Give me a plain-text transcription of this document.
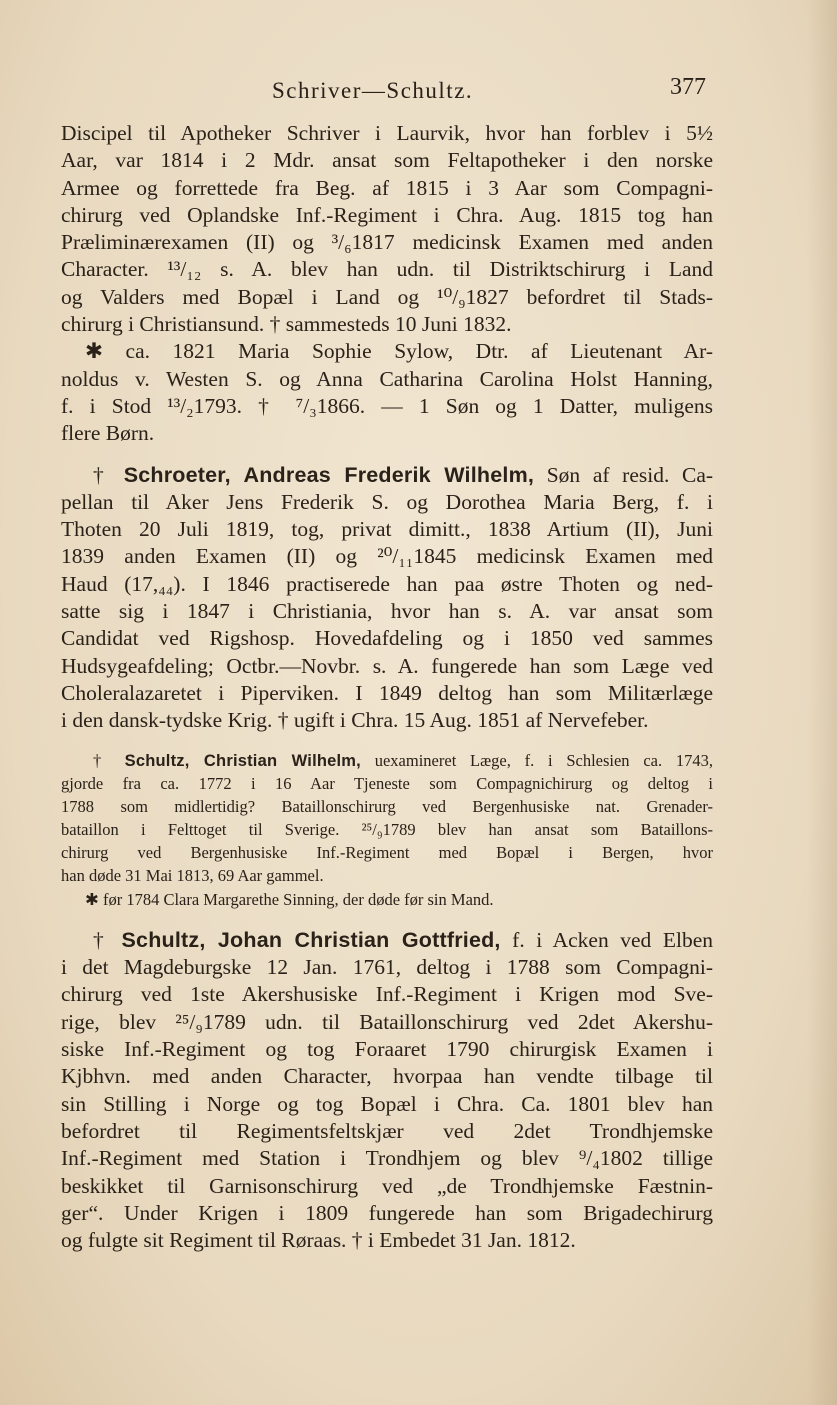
Schriver—Schultz.	377
Discipel til Apotheker Schriver i Laurvik, hvor han forblev i 5½
Aar, var 1814 i 2 Mdr. ansat som Feltapotheker i den norske
Armee og forrettede fra Beg. af 1815 i 3 Aar som Compagni-
chirurg ved Oplandske Inf.-Regiment i Chra. Aug. 1815 tog han
Præliminærexamen (II) og ³/₆1817 medicinsk Examen med anden
Character. ¹³/₁₂ s. A. blev han udn. til Distriktschirurg i Land
og Valders med Bopæl i Land og ¹⁰/₉1827 befordret til Stads-
chirurg i Christiansund. † sammesteds 10 Juni 1832.
✱ ca. 1821 Maria Sophie Sylow, Dtr. af Lieutenant Ar-
noldus v. Westen S. og Anna Catharina Carolina Holst Hanning,
f. i Stod ¹³/₂1793. † ⁷/₃1866. — 1 Søn og 1 Datter, muligens
flere Børn.
† Schroeter, Andreas Frederik Wilhelm, Søn af resid. Ca-
pellan til Aker Jens Frederik S. og Dorothea Maria Berg, f. i
Thoten 20 Juli 1819, tog, privat dimitt., 1838 Artium (II), Juni
1839 anden Examen (II) og ²⁰/₁₁1845 medicinsk Examen med
Haud (17,₄₄). I 1846 practiserede han paa østre Thoten og ned-
satte sig i 1847 i Christiania, hvor han s. A. var ansat som
Candidat ved Rigshosp. Hovedafdeling og i 1850 ved sammes
Hudsygeafdeling; Octbr.—Novbr. s. A. fungerede han som Læge ved
Choleralazaretet i Piperviken. I 1849 deltog han som Militærlæge
i den dansk-tydske Krig. † ugift i Chra. 15 Aug. 1851 af Nervefeber.
† Schultz, Christian Wilhelm, uexamineret Læge, f. i Schlesien ca. 1743,
gjorde fra ca. 1772 i 16 Aar Tjeneste som Compagnichirurg og deltog i
1788 som midlertidig? Bataillonschirurg ved Bergenhusiske nat. Grenader-
bataillon i Felttoget til Sverige. ²⁵/₉1789 blev han ansat som Bataillons-
chirurg ved Bergenhusiske Inf.-Regiment med Bopæl i Bergen, hvor
han døde 31 Mai 1813, 69 Aar gammel.
✱ før 1784 Clara Margarethe Sinning, der døde før sin Mand.
† Schultz, Johan Christian Gottfried, f. i Acken ved Elben
i det Magdeburgske 12 Jan. 1761, deltog i 1788 som Compagni-
chirurg ved 1ste Akershusiske Inf.-Regiment i Krigen mod Sve-
rige, blev ²⁵/₉1789 udn. til Bataillonschirurg ved 2det Akershu-
siske Inf.-Regiment og tog Foraaret 1790 chirurgisk Examen i
Kjbhvn. med anden Character, hvorpaa han vendte tilbage til
sin Stilling i Norge og tog Bopæl i Chra. Ca. 1801 blev han
befordret til Regimentsfeltskjær ved 2det Trondhjemske
Inf.-Regiment med Station i Trondhjem og blev ⁹/₄1802 tillige
beskikket til Garnisonschirurg ved „de Trondhjemske Fæstnin-
ger“. Under Krigen i 1809 fungerede han som Brigadechirurg
og fulgte sit Regiment til Røraas. † i Embedet 31 Jan. 1812.
